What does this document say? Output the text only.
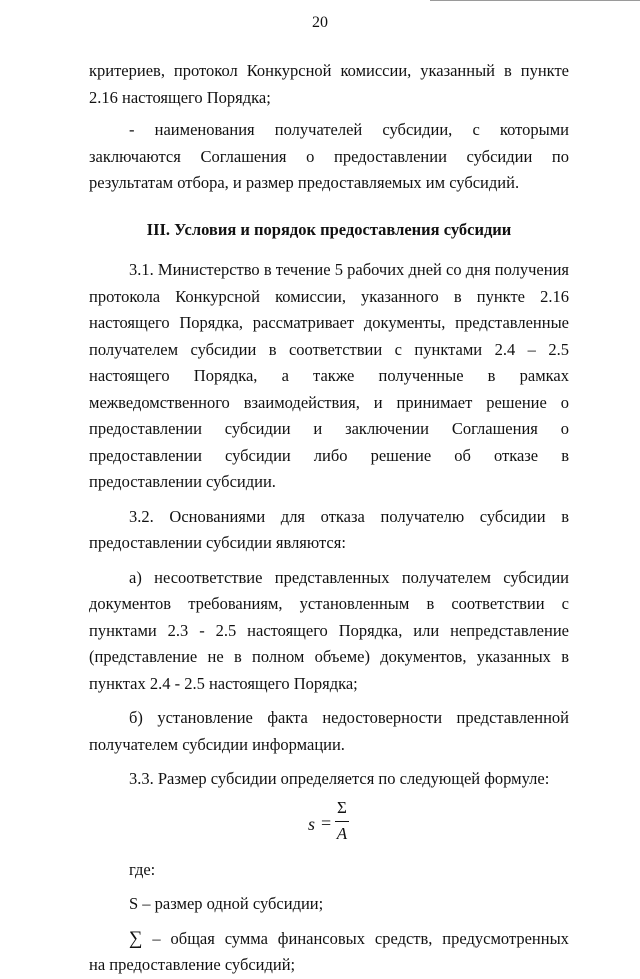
20

критериев, протокол Конкурсной комиссии, указанный в пункте 2.16 настоящего Порядка;

- наименования получателей субсидии, с которыми заключаются Соглашения о предоставлении субсидии по результатам отбора, и размер предоставляемых им субсидий.

III. Условия и порядок предоставления субсидии

3.1. Министерство в течение 5 рабочих дней со дня получения протокола Конкурсной комиссии, указанного в пункте 2.16 настоящего Порядка, рассматривает документы, представленные получателем субсидии в соответствии с пунктами 2.4 – 2.5 настоящего Порядка, а также полученные в рамках межведомственного взаимодействия, и принимает решение о предоставлении субсидии и заключении Соглашения о предоставлении субсидии либо решение об отказе в предоставлении субсидии.

3.2. Основаниями для отказа получателю субсидии в предоставлении субсидии являются:

а) несоответствие представленных получателем субсидии документов требованиям, установленным в соответствии с пунктами 2.3 - 2.5 настоящего Порядка, или непредставление (представление не в полном объеме) документов, указанных в пунктах 2.4 - 2.5 настоящего Порядка;

б) установление факта недостоверности представленной получателем субсидии информации.

3.3. Размер субсидии определяется по следующей формуле:

s =
Σ
A

где:

S – размер одной субсидии;

∑ – общая сумма финансовых средств, предусмотренных

на предоставление субсидий;
